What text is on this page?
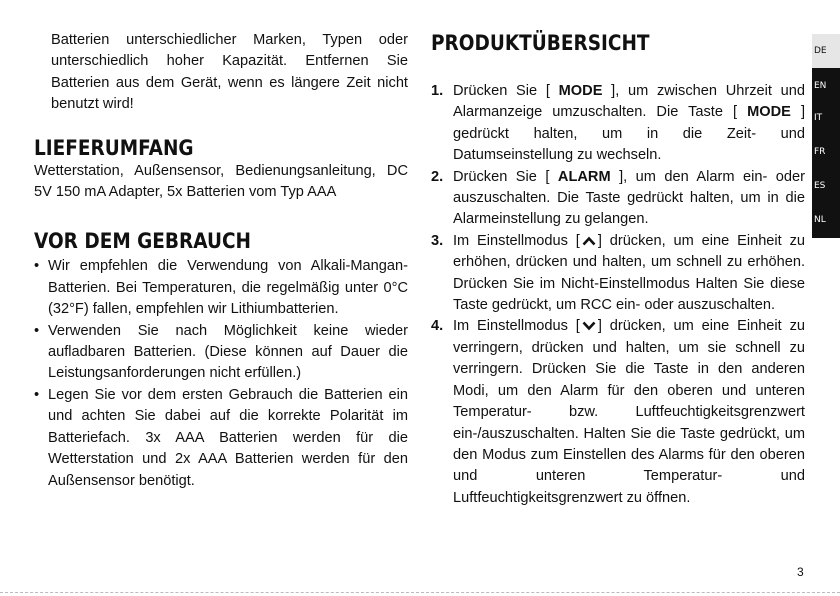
Batterien unterschiedlicher Marken, Typen oder unterschiedlich hoher Kapazität. Entfernen Sie Batterien aus dem Gerät, wenn es längere Zeit nicht benutzt wird!

LIEFERUMFANG

Wetterstation, Außensensor, Bedienungsanleitung, DC 5V 150 mA Adapter, 5x Batterien vom Typ AAA

VOR DEM GEBRAUCH
• Wir empfehlen die Verwendung von Alkali-Mangan-Batterien. Bei Temperaturen, die regelmäßig unter 0°C (32°F) fallen, empfehlen wir Lithiumbatterien.
• Verwenden Sie nach Möglichkeit keine wieder aufladbaren Batterien. (Diese können auf Dauer die Leistungsanforderungen nicht erfüllen.)
• Legen Sie vor dem ersten Gebrauch die Batterien ein und achten Sie dabei auf die korrekte Polarität im Batteriefach. 3x AAA Batterien werden für die Wetterstation und 2x AAA Batterien werden für den Außensensor benötigt.
PRODUKTÜBERSICHT
1. Drücken Sie [ MODE ], um zwischen Uhrzeit und Alarmanzeige umzuschalten. Die Taste [ MODE ] gedrückt halten, um in die Zeit- und Datumseinstellung zu wechseln.
2. Drücken Sie [ ALARM ], um den Alarm ein- oder auszuschalten. Die Taste gedrückt halten, um in die Alarmeinstellung zu gelangen.
3. Im Einstellmodus [ ] drücken, um eine Einheit zu erhöhen, drücken und halten, um schnell zu erhöhen. Drücken Sie im Nicht-Einstellmodus Halten Sie diese Taste gedrückt, um RCC ein- oder auszuschalten.
4. Im Einstellmodus [ ] drücken, um eine Einheit zu verringern, drücken und halten, um sie schnell zu verringern. Drücken Sie die Taste in den anderen Modi, um den Alarm für den oberen und unteren Temperatur- bzw. Luftfeuchtigkeitsgrenzwert ein-/auszuschalten. Halten Sie die Taste gedrückt, um den Modus zum Einstellen des Alarms für den oberen und unteren Temperatur- und Luftfeuchtigkeitsgrenzwert zu öffnen.
DE
EN
IT
FR
ES
NL
3
